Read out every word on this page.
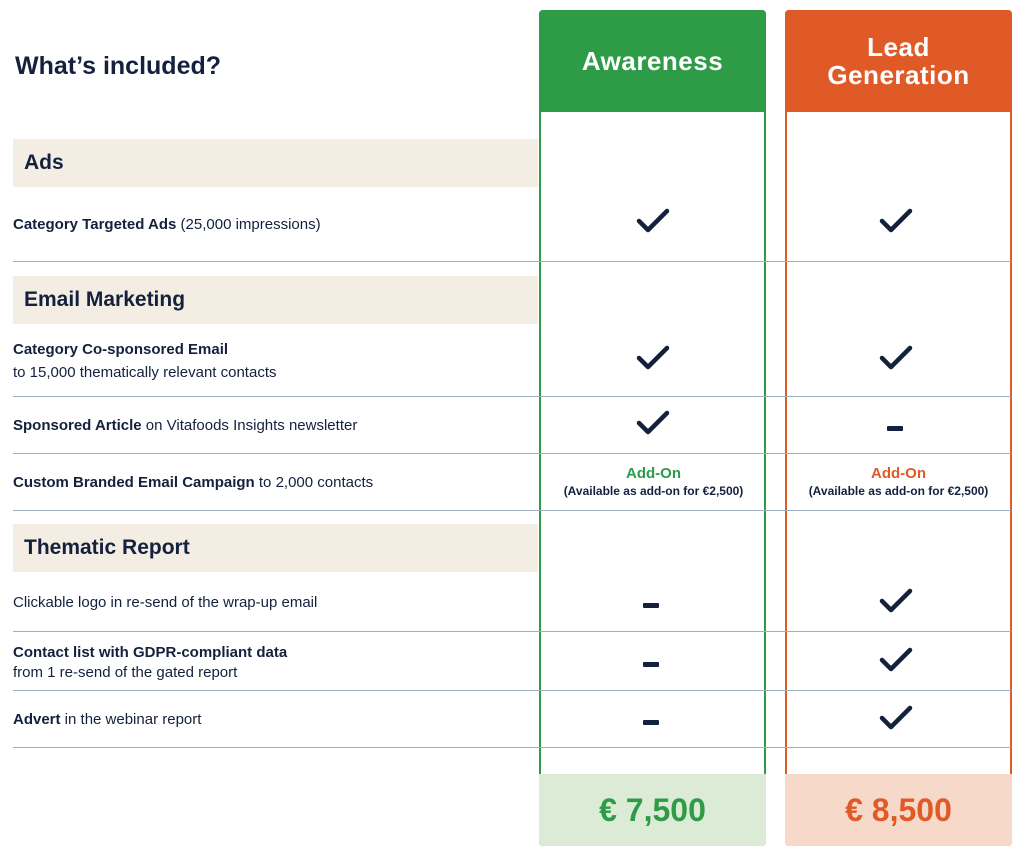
What’s included?	Awareness
€ 7,500
Lead
Generation
€ 8,500
Ads
Category Targeted Ads (25,000 impressions)
Email Marketing
Category Co-sponsored Email
to 15,000 thematically relevant contacts
Sponsored Article on Vitafoods Insights newsletter
Custom Branded Email Campaign to 2,000 contacts
Add-On
(Available as add-on for €2,500)
Add-On
(Available as add-on for €2,500)
Thematic Report
Clickable logo in re-send of the wrap-up email
Contact list with GDPR-compliant data
from 1 re-send of the gated report
Advert in the webinar report
